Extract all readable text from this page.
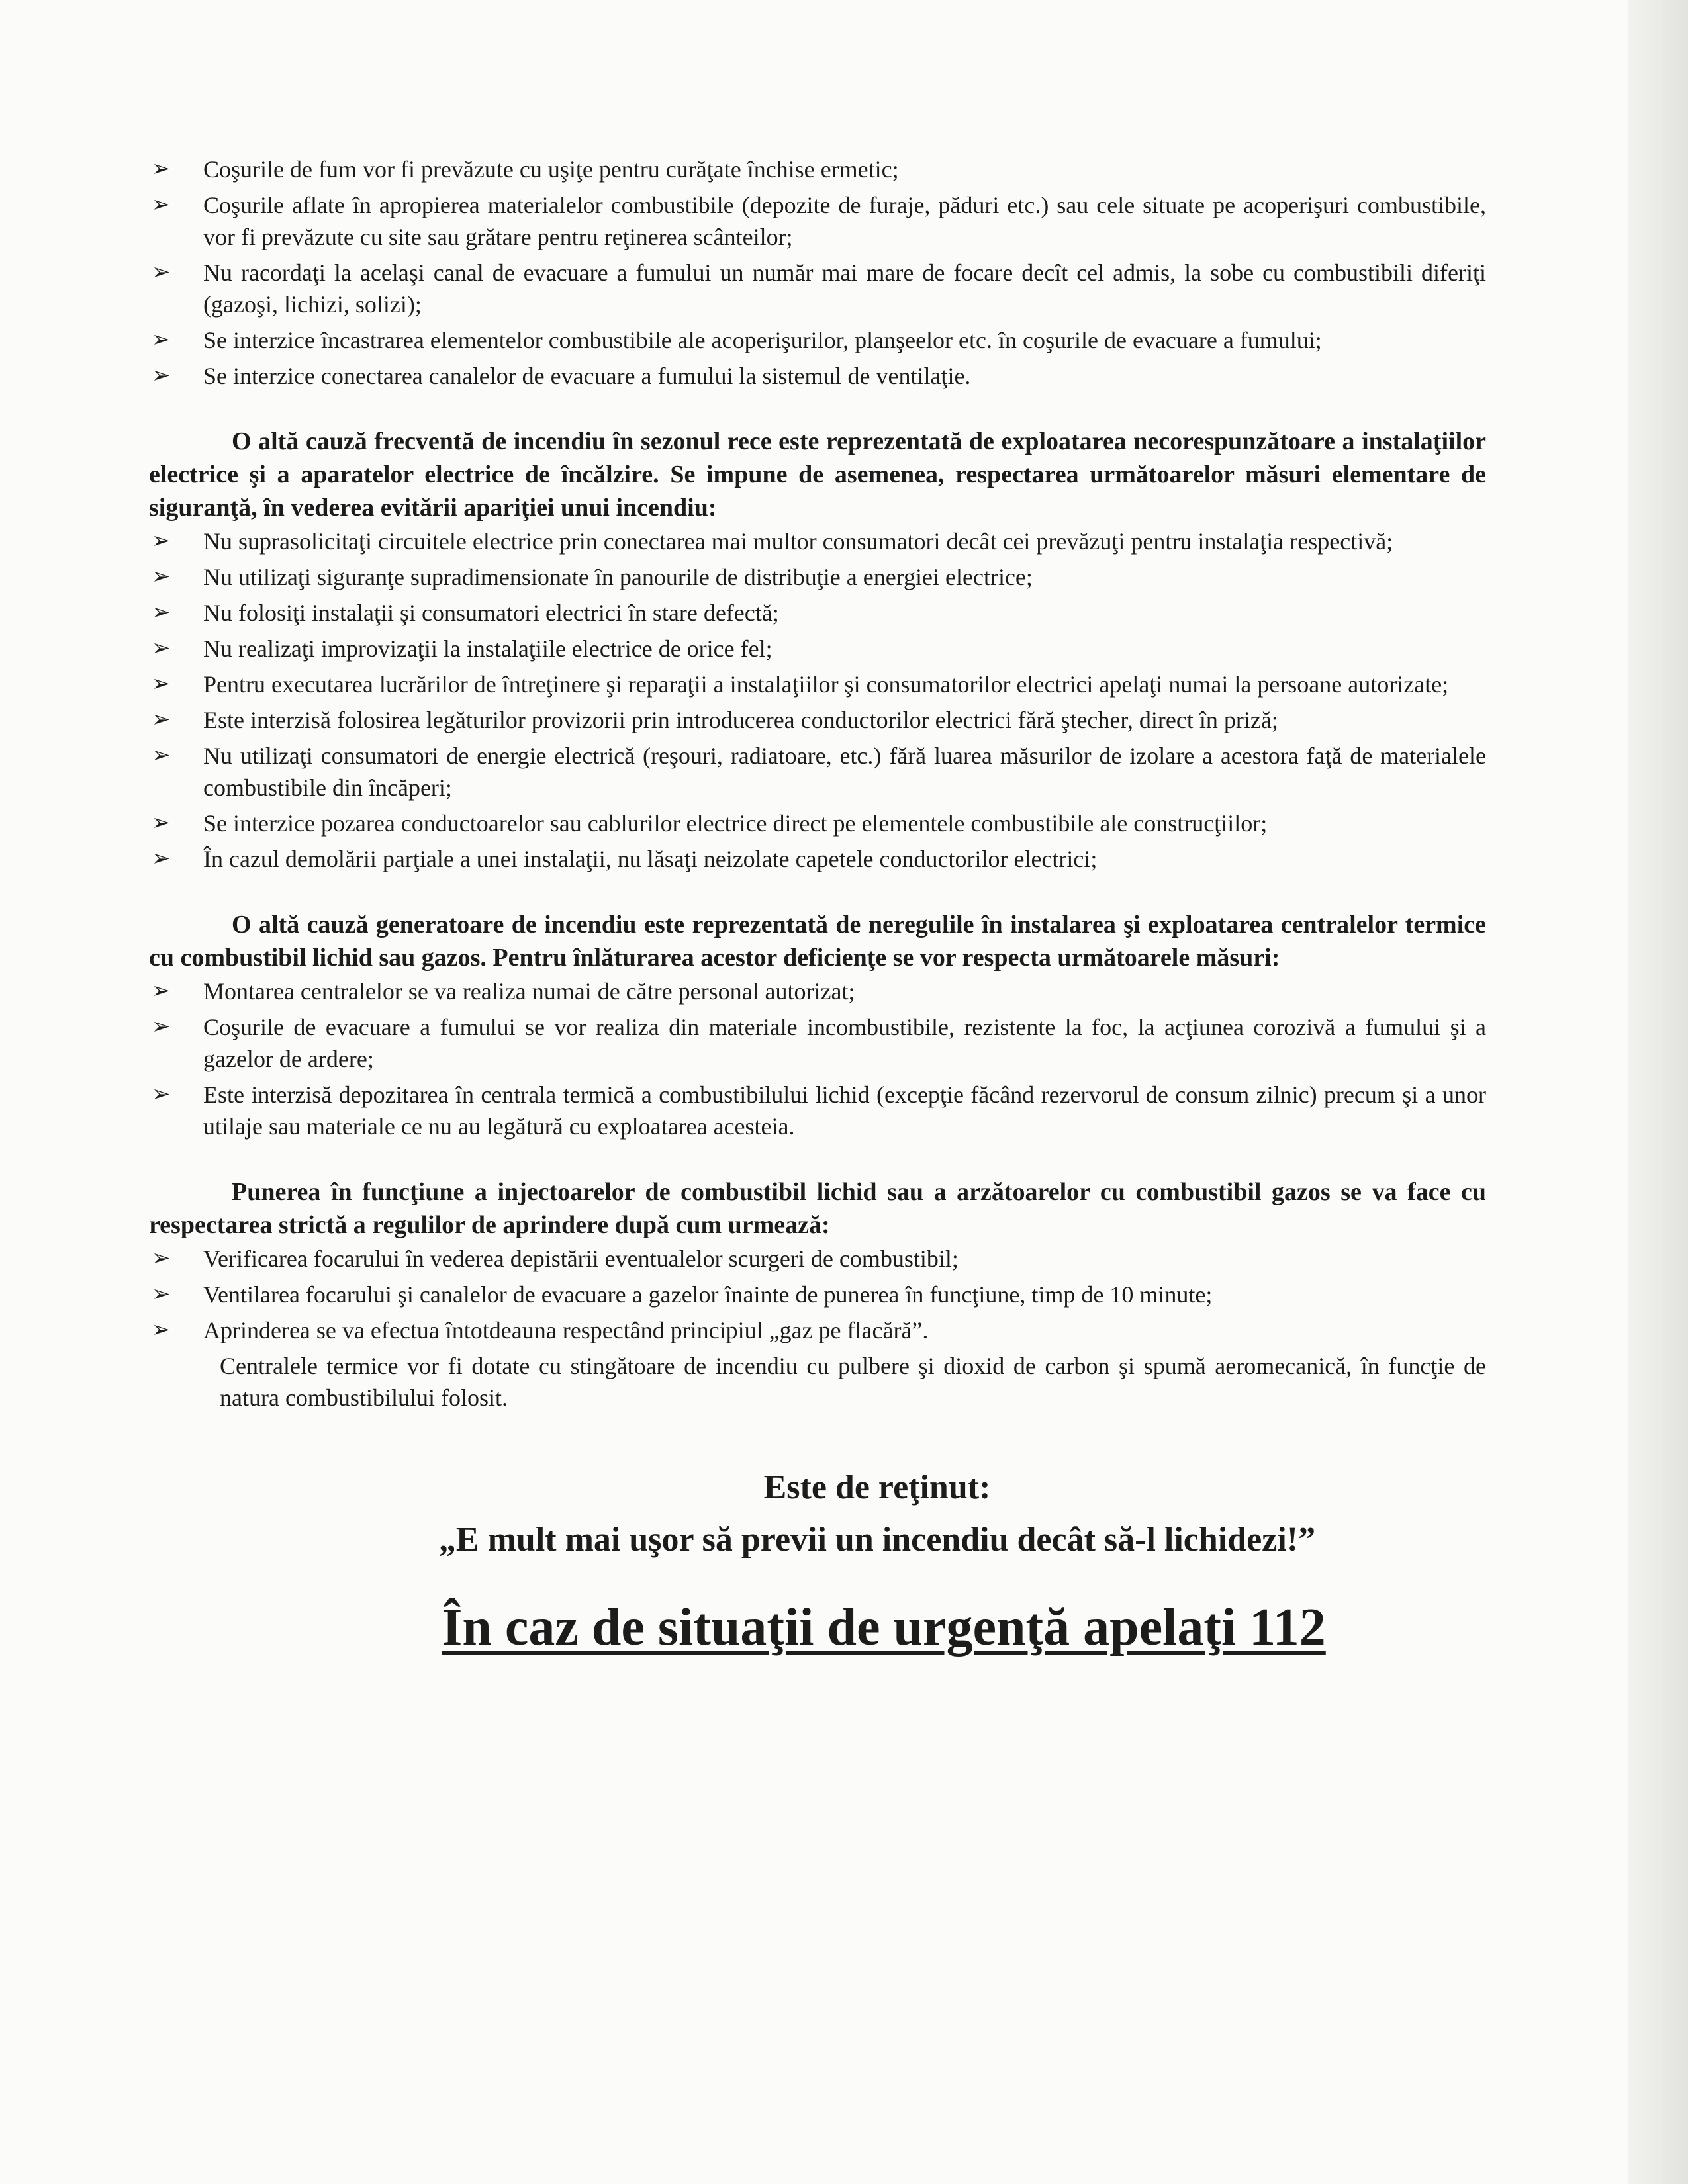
➢ Coşurile de fum vor fi prevăzute cu uşiţe pentru curăţate închise ermetic;
➢ Coşurile aflate în apropierea materialelor combustibile (depozite de furaje, păduri etc.) sau cele situate pe acoperişuri combustibile, vor fi prevăzute cu site sau grătare pentru reţinerea scânteilor;
➢ Nu racordaţi la acelaşi canal de evacuare a fumului un număr mai mare de focare decît cel admis, la sobe cu combustibili diferiţi (gazoşi, lichizi, solizi);
➢ Se interzice încastrarea elementelor combustibile ale acoperişurilor, planşeelor etc. în coşurile de evacuare a fumului;
➢ Se interzice conectarea canalelor de evacuare a fumului la sistemul de ventilaţie.

O altă cauză frecventă de incendiu în sezonul rece este reprezentată de exploatarea necorespunzătoare a instalaţiilor electrice şi a aparatelor electrice de încălzire. Se impune de asemenea, respectarea următoarelor măsuri elementare de siguranţă, în vederea evitării apariţiei unui incendiu:

➢ Nu suprasolicitaţi circuitele electrice prin conectarea mai multor consumatori decât cei prevăzuţi pentru instalaţia respectivă;
➢ Nu utilizaţi siguranţe supradimensionate în panourile de distribuţie a energiei electrice;
➢ Nu folosiţi instalaţii şi consumatori electrici în stare defectă;
➢ Nu realizaţi improvizaţii la instalaţiile electrice de orice fel;
➢ Pentru executarea lucrărilor de întreţinere şi reparaţii a instalaţiilor şi consumatorilor electrici apelaţi numai la persoane autorizate;
➢ Este interzisă folosirea legăturilor provizorii prin introducerea conductorilor electrici fără ştecher, direct în priză;
➢ Nu utilizaţi consumatori de energie electrică (reşouri, radiatoare, etc.) fără luarea măsurilor de izolare a acestora faţă de materialele combustibile din încăperi;
➢ Se interzice pozarea conductoarelor sau cablurilor electrice direct pe elementele combustibile ale construcţiilor;
➢ În cazul demolării parţiale a unei instalaţii, nu lăsaţi neizolate capetele conductorilor electrici;

O altă cauză generatoare de incendiu este reprezentată de neregulile în instalarea şi exploatarea centralelor termice cu combustibil lichid sau gazos. Pentru înlăturarea acestor deficienţe se vor respecta următoarele măsuri:

➢ Montarea centralelor se va realiza numai de către personal autorizat;
➢ Coşurile de evacuare a fumului se vor realiza din materiale incombustibile, rezistente la foc, la acţiunea corozivă a fumului şi a gazelor de ardere;
➢ Este interzisă depozitarea în centrala termică a combustibilului lichid (excepţie făcând rezervorul de consum zilnic) precum şi a unor utilaje sau materiale ce nu au legătură cu exploatarea acesteia.

Punerea în funcţiune a injectoarelor de combustibil lichid sau a arzătoarelor cu combustibil gazos se va face cu respectarea strictă a regulilor de aprindere după cum urmează:

➢ Verificarea focarului în vederea depistării eventualelor scurgeri de combustibil;
➢ Ventilarea focarului şi canalelor de evacuare a gazelor înainte de punerea în funcţiune, timp de 10 minute;
➢ Aprinderea se va efectua întotdeauna respectând principiul „gaz pe flacără”.

Centralele termice vor fi dotate cu stingătoare de incendiu cu pulbere şi dioxid de carbon şi spumă aeromecanică, în funcţie de natura combustibilului folosit.

Este de reţinut:
„E mult mai uşor să previi un incendiu decât să-l lichidezi!”
În caz de situaţii de urgenţă apelaţi 112
